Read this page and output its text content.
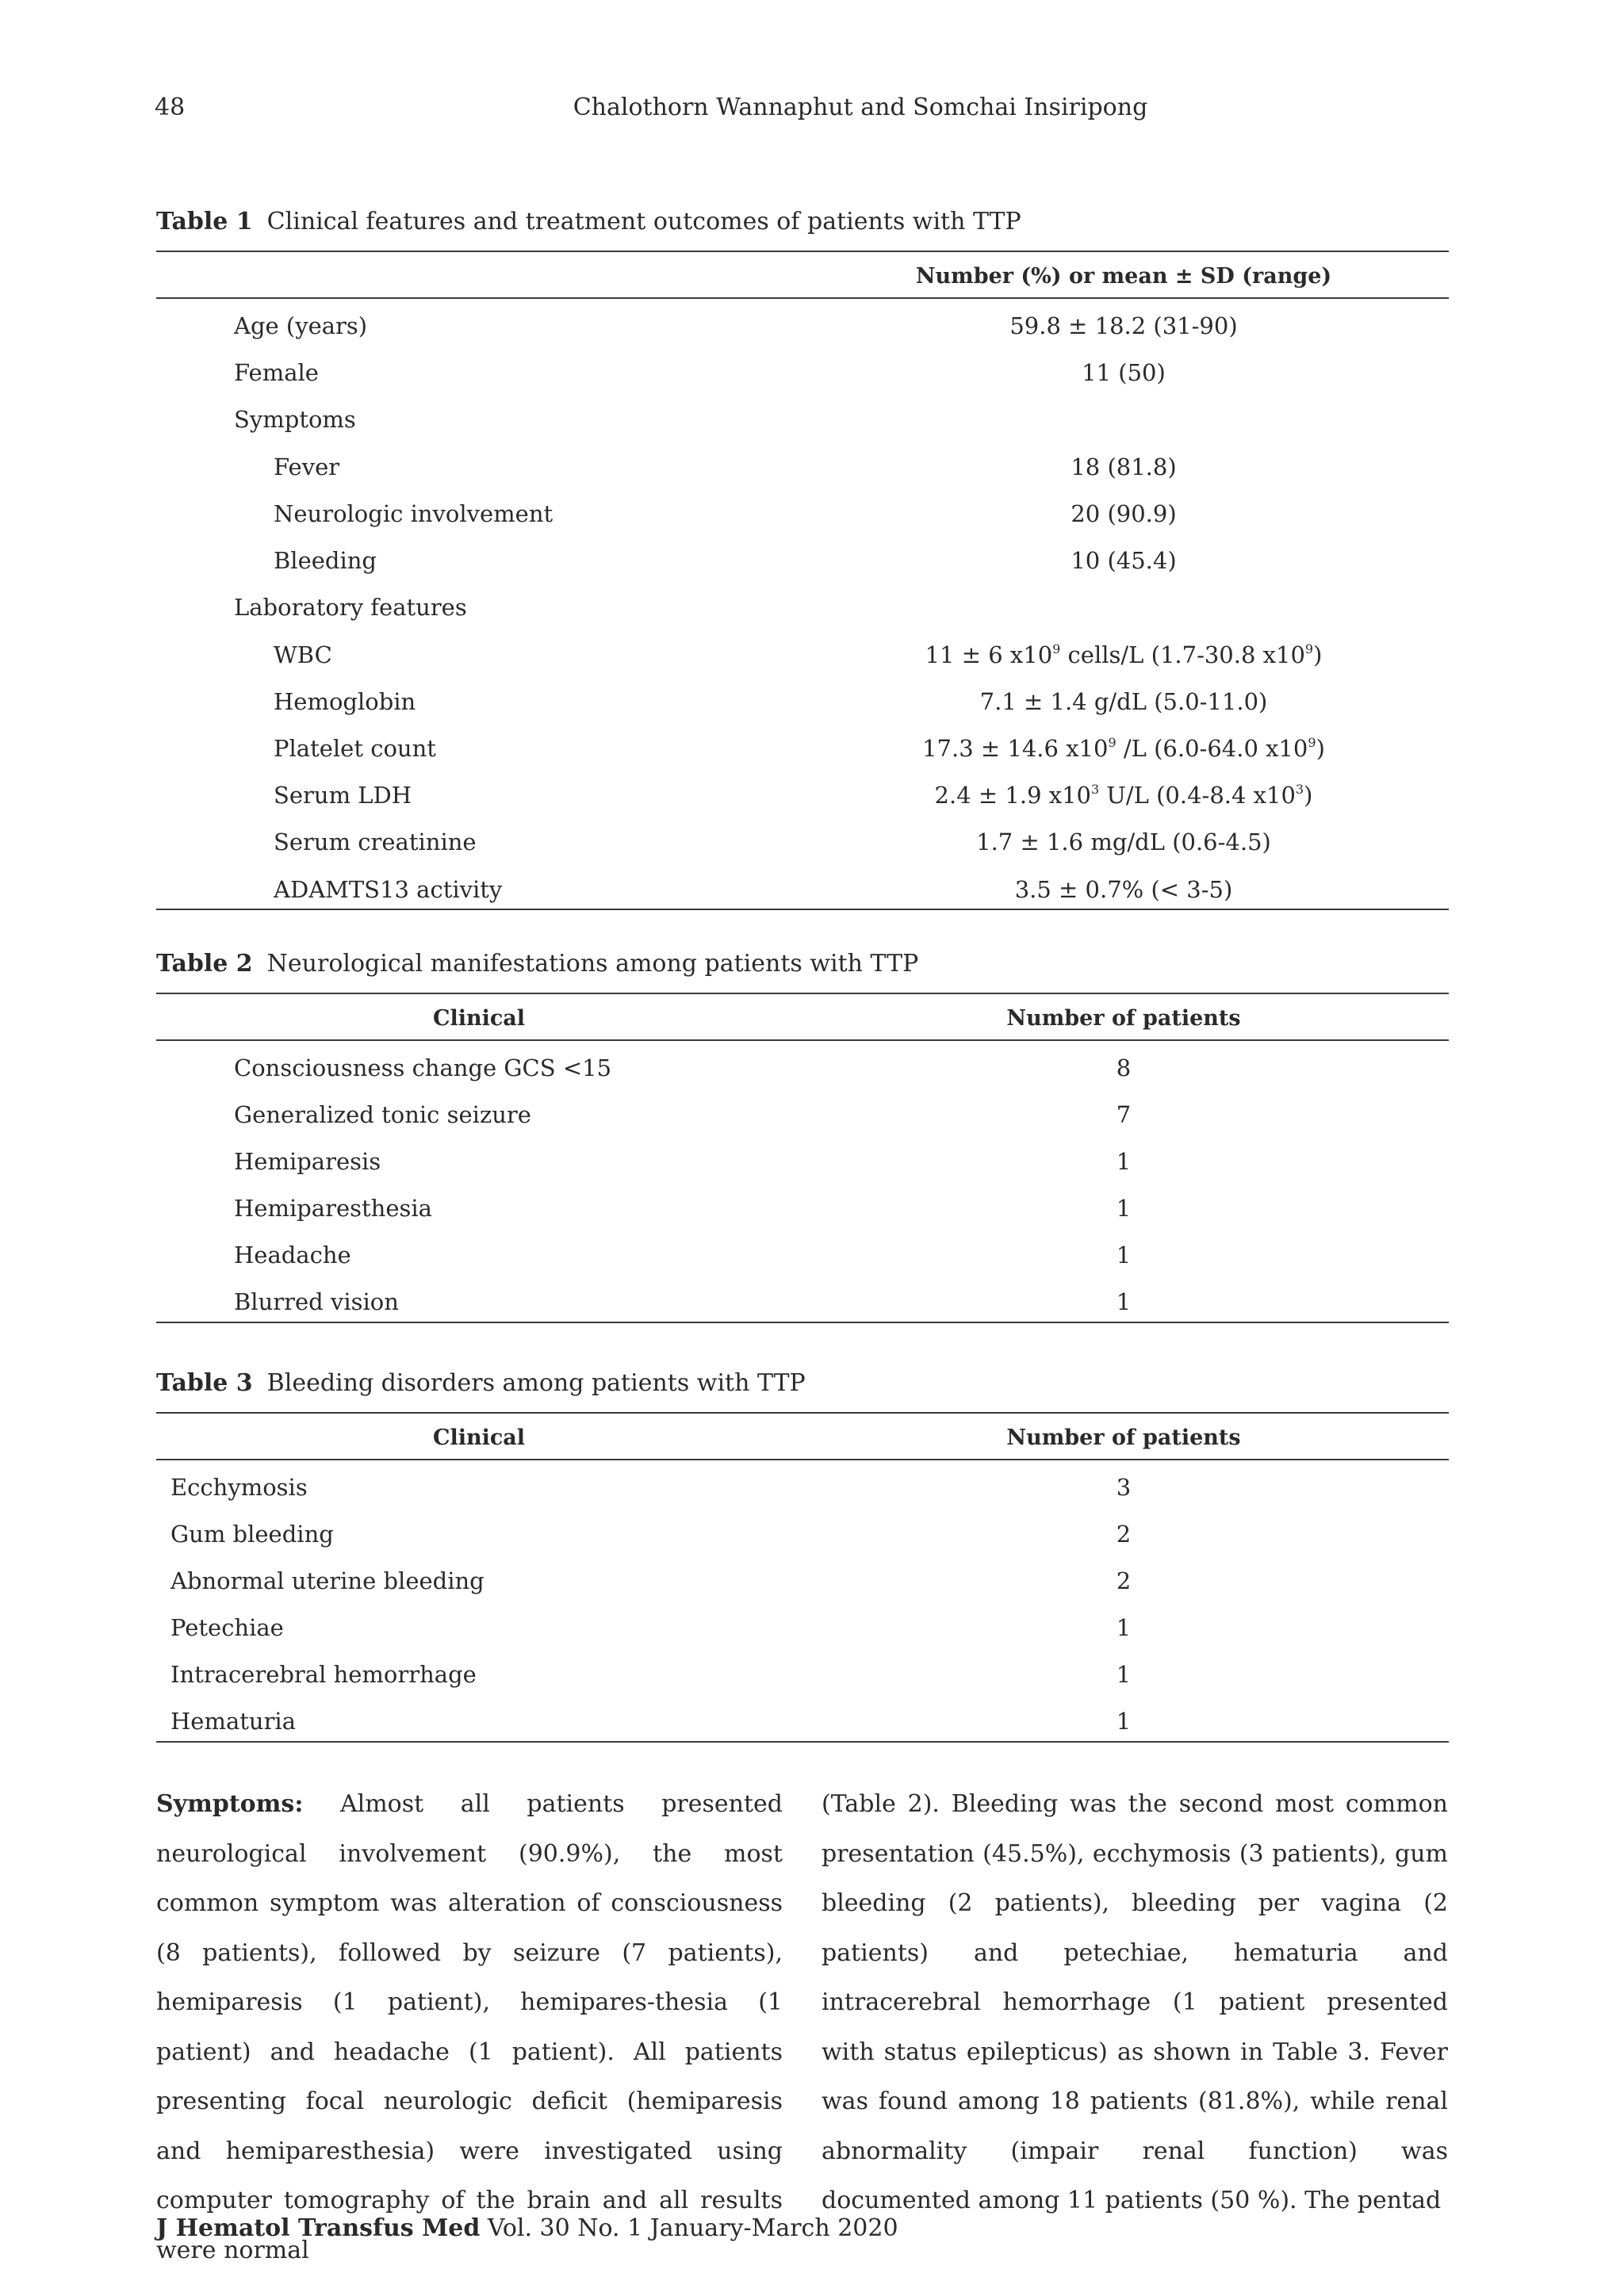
48	Chalothorn Wannaphut and Somchai Insiripong
Table 1 Clinical features and treatment outcomes of patients with TTP
Number (%) or mean ± SD (range)
Age (years)	59.8 ± 18.2 (31-90)
Female	11 (50)
Symptoms
Fever	18 (81.8)
Neurologic involvement	20 (90.9)
Bleeding	10 (45.4)
Laboratory features
WBC	11 ± 6 $x10^9$ cells/L (1.7-30.8 $x10^9$)
Hemoglobin	7.1 ± 1.4 g/dL (5.0-11.0)
Platelet count	17.3 ± 14.6 $x10^9$ /L (6.0-64.0 $x10^9$)
Serum LDH	2.4 ± 1.9 $x10^3$ U/L (0.4-8.4 $x10^3$)
Serum creatinine	1.7 ± 1.6 mg/dL (0.6-4.5)
ADAMTS13 activity	3.5 ± 0.7% (< 3-5)
Table 2 Neurological manifestations among patients with TTP
Clinical	Number of patients
Consciousness change GCS <15	8
Generalized tonic seizure	7
Hemiparesis	1
Hemiparesthesia	1
Headache	1
Blurred vision	1
Table 3 Bleeding disorders among patients with TTP
Clinical	Number of patients
Ecchymosis	3
Gum bleeding	2
Abnormal uterine bleeding	2
Petechiae	1
Intracerebral hemorrhage	1
Hematuria	1
Symptoms: Almost all patients presented neurological involvement (90.9%), the most common symptom was alteration of consciousness (8 patients), followed by seizure (7 patients), hemiparesis (1 patient), hemipares-thesia (1 patient) and headache (1 patient). All patients presenting focal neurologic deficit (hemiparesis and hemiparesthesia) were investigated using computer tomography of the brain and all results were normal
(Table 2). Bleeding was the second most common presentation (45.5%), ecchymosis (3 patients), gum bleeding (2 patients), bleeding per vagina (2 patients) and petechiae, hematuria and intracerebral hemorrhage (1 patient presented with status epilepticus) as shown in Table 3. Fever was found among 18 patients (81.8%), while renal abnormality (impair renal function) was documented among 11 patients (50 %). The pentad
J Hematol Transfus Med Vol. 30 No. 1 January-March 2020
